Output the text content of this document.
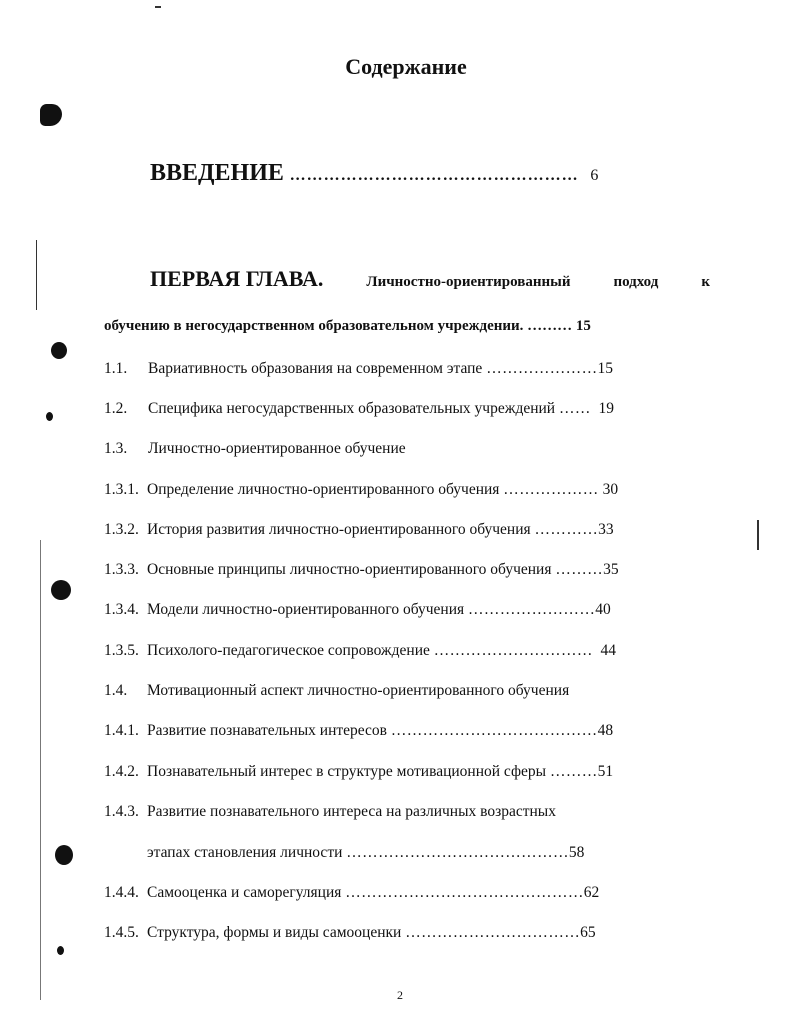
Содержание
ВВЕДЕНИЕ …………………………………………… 6
ПЕРВАЯ ГЛАВА.	Личностно-ориентированный	подход	к
обучению в негосударственном образовательном учреждении. ……… 15
1.1. Вариативность образования на современном этапе …………………15
1.2. Специфика негосударственных образовательных учреждений …… 19
1.3. Личностно-ориентированное обучение
1.3.1. Определение личностно-ориентированного обучения ……………… 30
1.3.2. История развития личностно-ориентированного обучения …………33
1.3.3. Основные принципы личностно-ориентированного обучения ………35
1.3.4. Модели личностно-ориентированного обучения ……………………40
1.3.5. Психолого-педагогическое сопровождение ………………………… 44
1.4. Мотивационный аспект личностно-ориентированного обучения
1.4.1. Развитие познавательных интересов …………………………………48
1.4.2. Познавательный интерес в структуре мотивационной сферы ………51
1.4.3. Развитие познавательного интереса на различных возрастных
этапах становления личности ……………………………………58
1.4.4. Самооценка и саморегуляция ………………………………………62
1.4.5. Структура, формы и виды самооценки ……………………………65
2
